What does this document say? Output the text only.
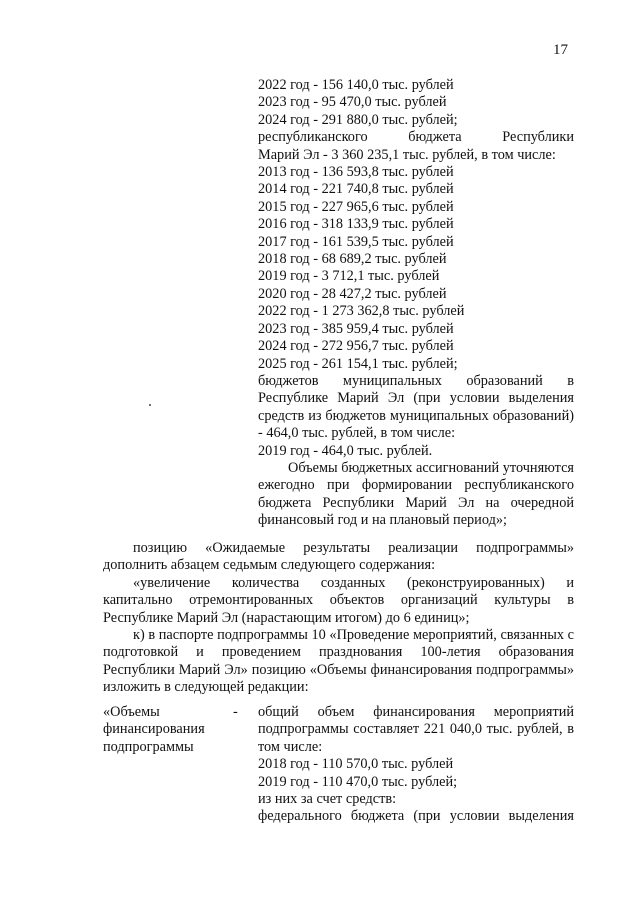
17
2022 год - 156 140,0 тыс. рублей
2023 год - 95 470,0 тыс. рублей
2024 год - 291 880,0 тыс. рублей;
республиканского бюджета Республики
Марий Эл - 3 360 235,1 тыс. рублей, в том числе:
2013 год - 136 593,8 тыс. рублей
2014 год - 221 740,8 тыс. рублей
2015 год - 227 965,6 тыс. рублей
2016 год - 318 133,9 тыс. рублей
2017 год - 161 539,5 тыс. рублей
2018 год - 68 689,2 тыс. рублей
2019 год - 3 712,1 тыс. рублей
2020 год - 28 427,2 тыс. рублей
2022 год - 1 273 362,8 тыс. рублей
2023 год - 385 959,4 тыс. рублей
2024 год - 272 956,7 тыс. рублей
2025 год - 261 154,1 тыс. рублей;
бюджетов муниципальных образований в Республике Марий Эл (при условии выделения средств из бюджетов муниципальных образований) - 464,0 тыс. рублей, в том числе:
2019 год - 464,0 тыс. рублей.
Объемы бюджетных ассигнований уточняются ежегодно при формировании республиканского бюджета Республики Марий Эл на очередной финансовый год и на плановый период»;
позицию «Ожидаемые результаты реализации подпрограммы» дополнить абзацем седьмым следующего содержания:
«увеличение количества созданных (реконструированных) и капитально отремонтированных объектов организаций культуры в Республике Марий Эл (нарастающим итогом) до 6 единиц»;
к) в паспорте подпрограммы 10 «Проведение мероприятий, связанных с подготовкой и проведением празднования 100-летия образования Республики Марий Эл» позицию «Объемы финансирования подпрограммы» изложить в следующей редакции:
«Объемы финансирования подпрограммы
- общий объем финансирования мероприятий подпрограммы составляет 221 040,0 тыс. рублей, в том числе:
2018 год - 110 570,0 тыс. рублей
2019 год - 110 470,0 тыс. рублей;
из них за счет средств:
федерального бюджета (при условии выделения
